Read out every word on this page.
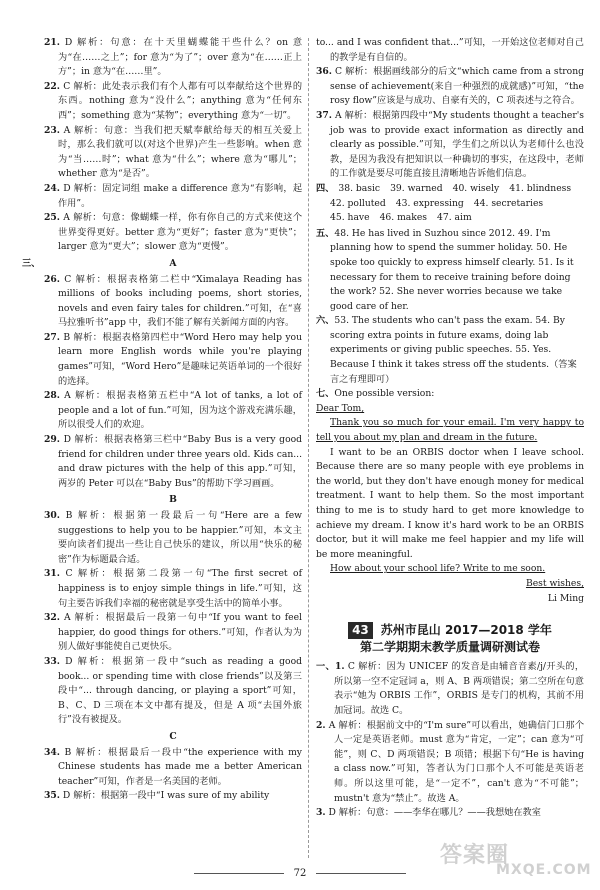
21. D 解析：句意：在十天里蝴蝶能干些什么？on 意为“在……之上”；for 意为“为了”；over 意为“在……正上方”；in 意为“在……里”。

22. C 解析：此处表示我们有个人都有可以奉献给这个世界的东西。nothing 意为“没什么”；anything 意为“任何东西”；something 意为“某物”；everything 意为“一切”。

23. A 解析：句意：当我们把天赋奉献给每天的相互关爱上时，那么我们就可以(对这个世界)产生一些影响。when 意为“当……时”；what 意为“什么”；where 意为“哪儿”；whether 意为“是否”。

24. D 解析：固定词组 make a difference 意为“有影响，起作用”。

25. A 解析：句意：像蝴蝶一样，你有你自己的方式来使这个世界变得更好。better 意为“更好”；faster 意为“更快”；larger 意为“更大”；slower 意为“更慢”。

三、	A

26. C 解析：根据表格第二栏中“Ximalaya Reading has millions of books including poems, short stories, novels and even fairy tales for children.”可知，在“喜马拉雅听书”app 中，我们不能了解有关新闻方面的内容。

27. B 解析：根据表格第四栏中“Word Hero may help you learn more English words while you're playing games”可知，“Word Hero”是趣味记英语单词的一个很好的选择。

28. A 解析：根据表格第五栏中“A lot of tanks, a lot of people and a lot of fun.”可知，因为这个游戏充满乐趣，所以很受人们的欢迎。

29. D 解析：根据表格第三栏中“Baby Bus is a very good friend for children under three years old. Kids can... and draw pictures with the help of this app.”可知，两岁的 Peter 可以在“Baby Bus”的帮助下学习画画。

B

30. B 解析：根据第一段最后一句“Here are a few suggestions to help you to be happier.”可知，本文主要向读者们提出一些让自己快乐的建议，所以用“快乐的秘密”作为标题最合适。

31. C 解析：根据第二段第一句“The first secret of happiness is to enjoy simple things in life.”可知，这句主要告诉我们幸福的秘密就是享受生活中的简单小事。

32. A 解析：根据最后一段第一句中“If you want to feel happier, do good things for others.”可知，作者认为为别人做好事能使自己更快乐。

33. D 解析：根据第一段中“such as reading a good book... or spending time with close friends”以及第三段中“... through dancing, or playing a sport”可知，B、C、D 三项在本文中都有提及，但是 A 项“去国外旅行”没有被提及。

C

34. B 解析：根据最后一段中“the experience with my Chinese students has made me a better American teacher”可知，作者是一名美国的老师。

35. D 解析：根据第一段中“I was sure of my ability

to... and I was confident that...”可知，一开始这位老师对自己的教学是有自信的。

36. C 解析：根据画线部分的后文“which came from a strong sense of achievement(来自一种强烈的成就感)”可知，“the rosy flow”应该是与成功、自豪有关的，C 项表述与之符合。

37. A 解析：根据第四段中“My students thought a teacher's job was to provide exact information as directly and clearly as possible.”可知，学生们之所以认为老师什么也没教，是因为我没有把知识以一种确切的事实，在这段中，老师的工作就是要尽可能直接且清晰地告诉他们信息。

四、 38. basic 39. warned 40. wisely 41. blindness
42. polluted 43. expressing 44. secretaries
45. have 46. makes 47. aim
五、48. He has lived in Suzhou since 2012. 49. I'm planning how to spend the summer holiday. 50. He spoke too quickly to express himself clearly. 51. Is it necessary for them to receive training before doing the work? 52. She never worries because we take good care of her.
六、53. The students who can't pass the exam. 54. By scoring extra points in future exams, doing lab experiments or giving public speeches. 55. Yes. Because I think it takes stress off the students.（答案言之有理即可）

七、One possible version:

Dear Tom,

Thank you so much for your email. I'm very happy to tell you about my plan and dream in the future.

I want to be an ORBIS doctor when I leave school. Because there are so many people with eye problems in the world, but they don't have enough money for medical treatment. I want to help them. So the most important thing to me is to study hard to get more knowledge to achieve my dream. I know it's hard work to be an ORBIS doctor, but it will make me feel happier and my life will be more meaningful.

How about your school life? Write to me soon.

Best wishes,

Li Ming

43 苏州市昆山 2017—2018 学年
第二学期期末教学质量调研测试卷

一、1. C 解析：因为 UNICEF 的发音是由辅音音素/j/开头的，所以第一空不定冠词 a，则 A、B 两项错误；第二空所在句意表示“她为 ORBIS 工作”，ORBIS 是专门的机构，其前不用加冠词。故选 C。

2. A 解析：根据前文中的“I'm sure”可以看出，她确信门口那个人一定是英语老师。must 意为“肯定，一定”；can 意为“可能”，则 C、D 两项错误；B 项错；根据下句“He is having a class now.”可知，答者认为门口那个人不可能是英语老师。所以这里可能，是“一定不”，can't 意为“不可能”；mustn't 意为“禁止”。故选 A。

3. D 解析：句意：——李华在哪儿？——我想她在教室

72
答案圈
MXQE.COM
